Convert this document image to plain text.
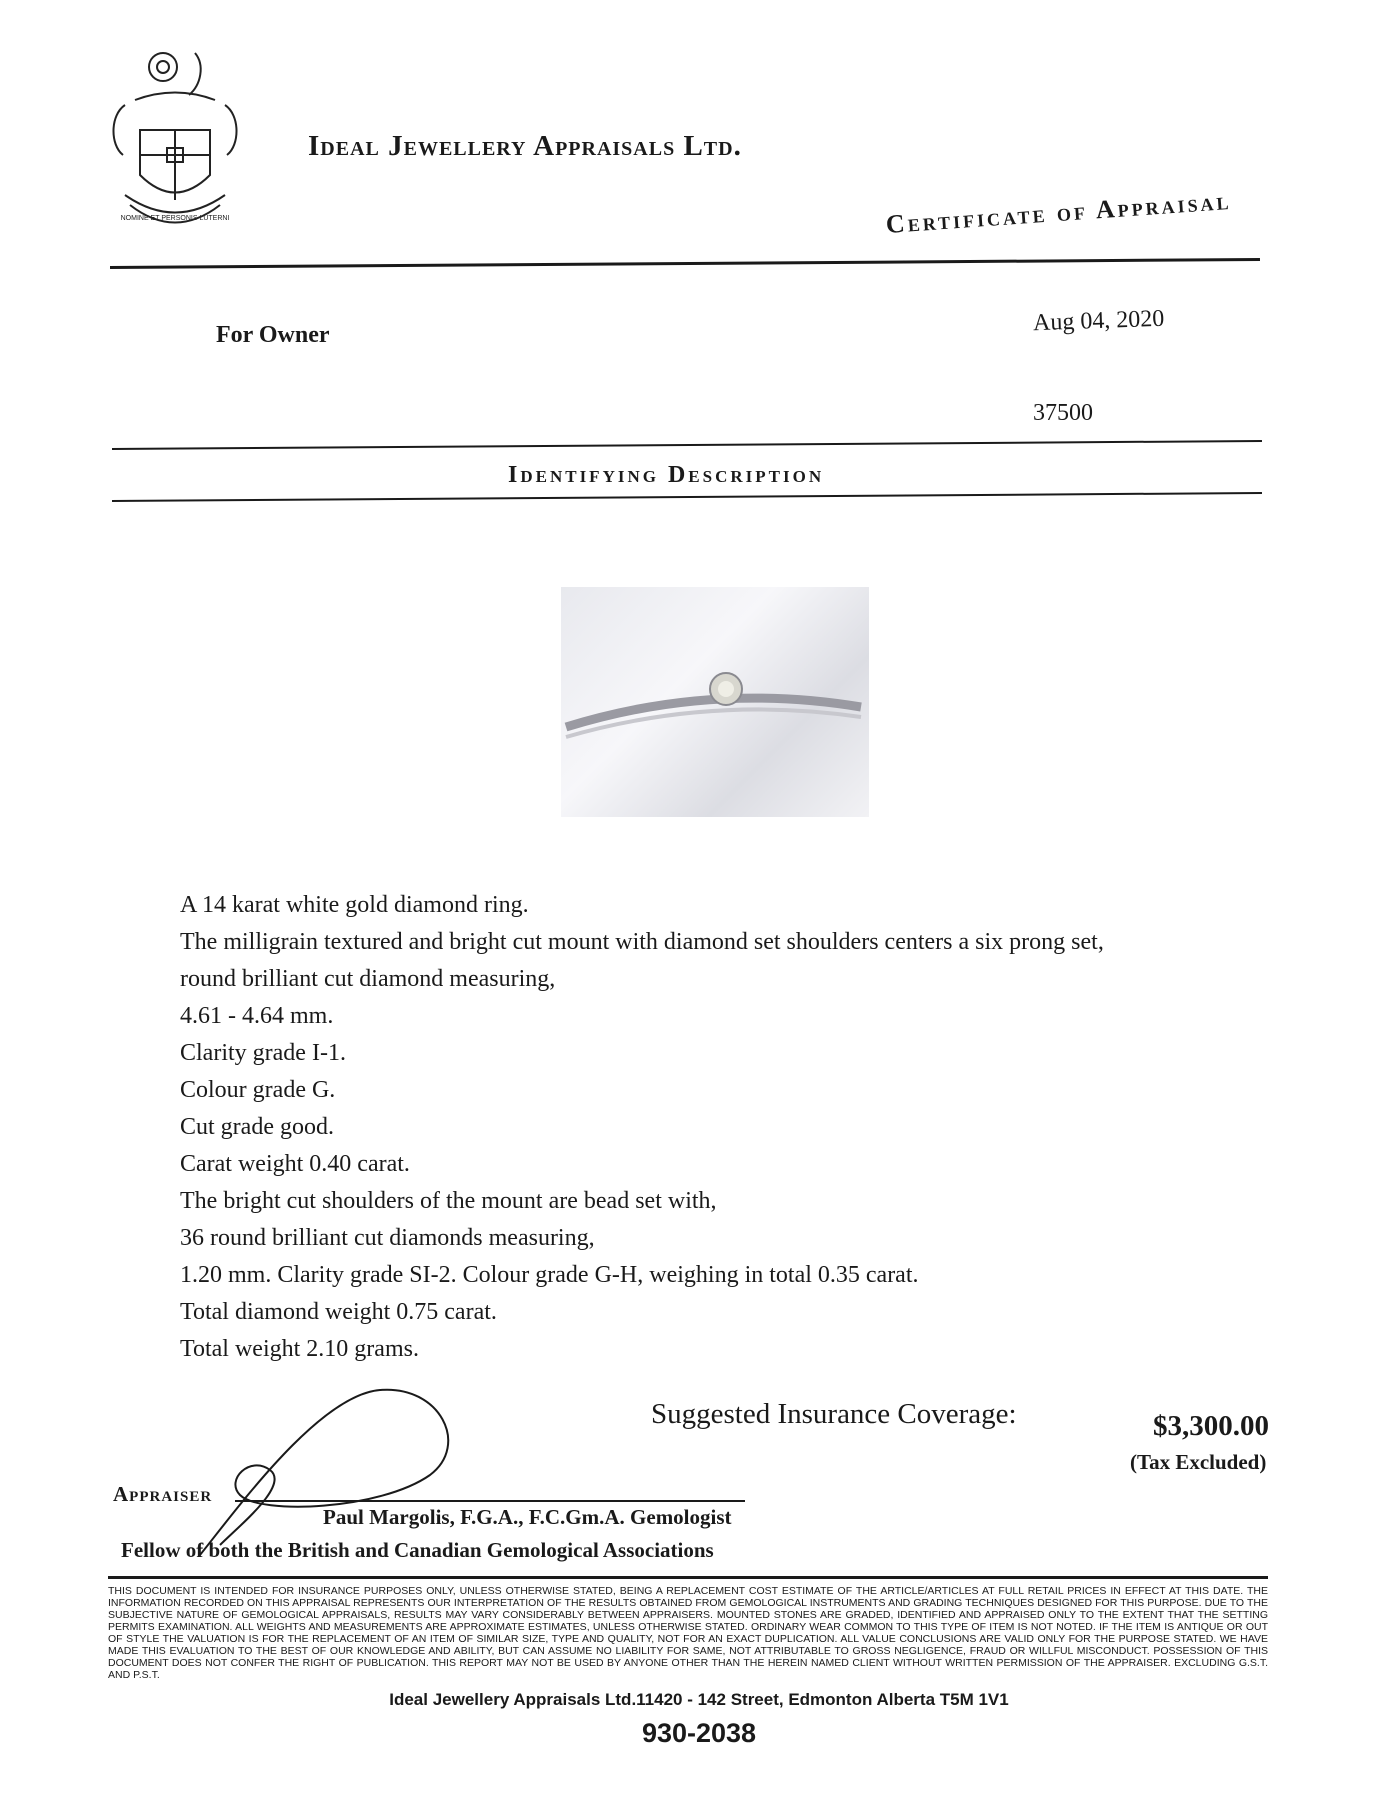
NOMINE ET PERSONIS LUTERNI
Ideal Jewellery Appraisals Ltd.
Certificate of Appraisal
For Owner	Aug 04, 2020
37500
Identifying Description
A 14 karat white gold diamond ring.
The milligrain textured and bright cut mount with diamond set shoulders centers a six prong set,
round brilliant cut diamond measuring,
4.61 - 4.64 mm.
Clarity grade I-1.
Colour grade G.
Cut grade good.
Carat weight 0.40 carat.
The bright cut shoulders of the mount are bead set with,
36 round brilliant cut diamonds measuring,
1.20 mm. Clarity grade SI-2. Colour grade G-H, weighing in total 0.35 carat.
Total diamond weight 0.75 carat.
Total weight 2.10 grams.
Suggested Insurance Coverage:	$3,300.00
(Tax Excluded)
Appraiser
Paul Margolis, F.G.A., F.C.Gm.A. Gemologist
Fellow of both the British and Canadian Gemological Associations
THIS DOCUMENT IS INTENDED FOR INSURANCE PURPOSES ONLY, UNLESS OTHERWISE STATED, BEING A REPLACEMENT COST ESTIMATE OF THE ARTICLE/ARTICLES AT FULL RETAIL PRICES IN EFFECT AT THIS DATE. THE INFORMATION RECORDED ON THIS APPRAISAL REPRESENTS OUR INTERPRETATION OF THE RESULTS OBTAINED FROM GEMOLOGICAL INSTRUMENTS AND GRADING TECHNIQUES DESIGNED FOR THIS PURPOSE. DUE TO THE SUBJECTIVE NATURE OF GEMOLOGICAL APPRAISALS, RESULTS MAY VARY CONSIDERABLY BETWEEN APPRAISERS. MOUNTED STONES ARE GRADED, IDENTIFIED AND APPRAISED ONLY TO THE EXTENT THAT THE SETTING PERMITS EXAMINATION. ALL WEIGHTS AND MEASUREMENTS ARE APPROXIMATE ESTIMATES, UNLESS OTHERWISE STATED. ORDINARY WEAR COMMON TO THIS TYPE OF ITEM IS NOT NOTED. IF THE ITEM IS ANTIQUE OR OUT OF STYLE THE VALUATION IS FOR THE REPLACEMENT OF AN ITEM OF SIMILAR SIZE, TYPE AND QUALITY, NOT FOR AN EXACT DUPLICATION. ALL VALUE CONCLUSIONS ARE VALID ONLY FOR THE PURPOSE STATED. WE HAVE MADE THIS EVALUATION TO THE BEST OF OUR KNOWLEDGE AND ABILITY, BUT CAN ASSUME NO LIABILITY FOR SAME, NOT ATTRIBUTABLE TO GROSS NEGLIGENCE, FRAUD OR WILLFUL MISCONDUCT. POSSESSION OF THIS DOCUMENT DOES NOT CONFER THE RIGHT OF PUBLICATION. THIS REPORT MAY NOT BE USED BY ANYONE OTHER THAN THE HEREIN NAMED CLIENT WITHOUT WRITTEN PERMISSION OF THE APPRAISER. EXCLUDING G.S.T. AND P.S.T.
Ideal Jewellery Appraisals Ltd.11420 - 142 Street, Edmonton Alberta T5M 1V1
930-2038
